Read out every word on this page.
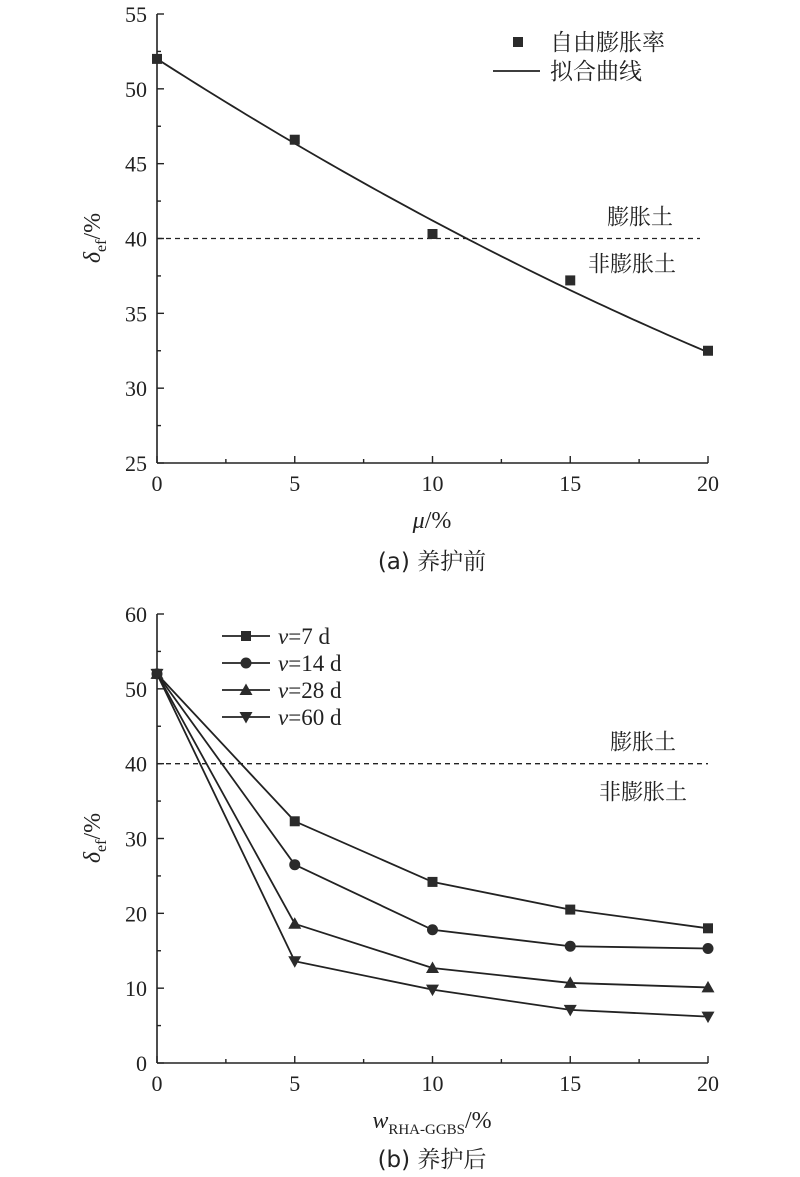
0	5	10	15	20
25
30
35
40
45
50
55
膨胀土
非膨胀土
自由膨胀率
拟合曲线
$\delta_{ef}/\%$
μ/%
(a) 养护前
0	5	10	15	20
0
10
20
30
40
50
60
膨胀土
非膨胀土
v=7 d
v=14 d
v=28 d
v=60 d
$\delta_{ef}/\%$
$w_{RHA-GGBS}/\%$
(b) 养护后
